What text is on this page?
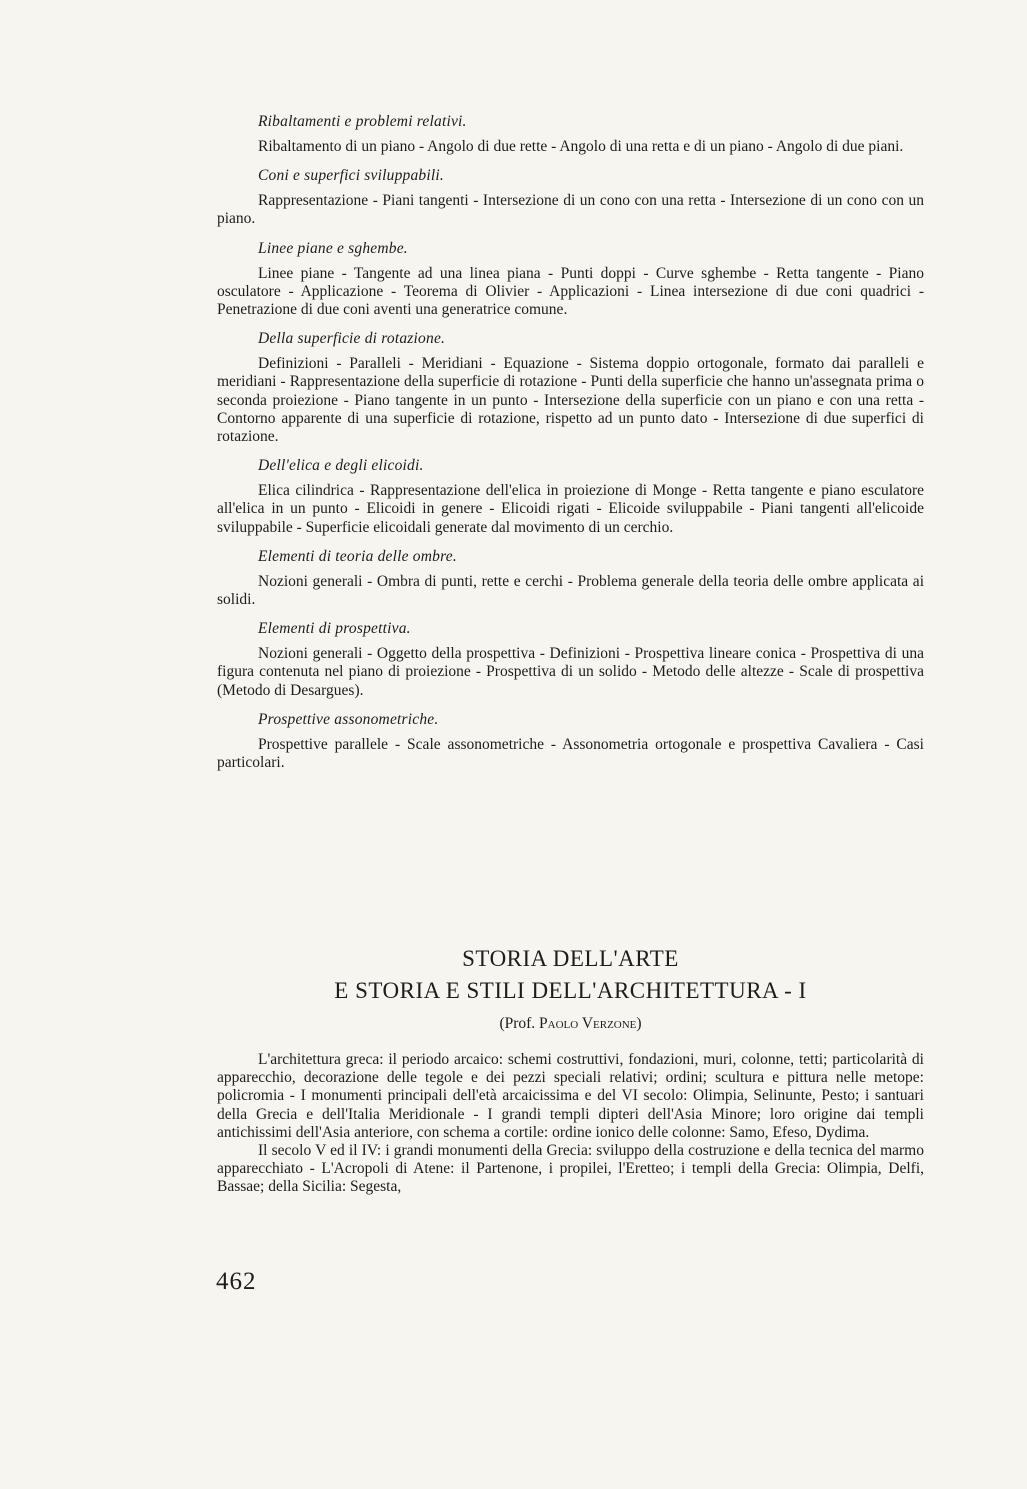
Ribaltamenti e problemi relativi.

Ribaltamento di un piano - Angolo di due rette - Angolo di una retta e di un piano - Angolo di due piani.

Coni e superfici sviluppabili.

Rappresentazione - Piani tangenti - Intersezione di un cono con una retta - Intersezione di un cono con un piano.

Linee piane e sghembe.

Linee piane - Tangente ad una linea piana - Punti doppi - Curve sghembe - Retta tangente - Piano osculatore - Applicazione - Teorema di Olivier - Applicazioni - Linea intersezione di due coni quadrici - Penetrazione di due coni aventi una generatrice comune.

Della superficie di rotazione.

Definizioni - Paralleli - Meridiani - Equazione - Sistema doppio ortogonale, formato dai paralleli e meridiani - Rappresentazione della superficie di rotazione - Punti della superficie che hanno un'assegnata prima o seconda proiezione - Piano tangente in un punto - Intersezione della superficie con un piano e con una retta - Contorno apparente di una superficie di rotazione, rispetto ad un punto dato - Intersezione di due superfici di rotazione.

Dell'elica e degli elicoidi.

Elica cilindrica - Rappresentazione dell'elica in proiezione di Monge - Retta tangente e piano esculatore all'elica in un punto - Elicoidi in genere - Elicoidi rigati - Elicoide sviluppabile - Piani tangenti all'elicoide sviluppabile - Superficie elicoidali generate dal movimento di un cerchio.

Elementi di teoria delle ombre.

Nozioni generali - Ombra di punti, rette e cerchi - Problema generale della teoria delle ombre applicata ai solidi.

Elementi di prospettiva.

Nozioni generali - Oggetto della prospettiva - Definizioni - Prospettiva lineare conica - Prospettiva di una figura contenuta nel piano di proiezione - Prospettiva di un solido - Metodo delle altezze - Scale di prospettiva (Metodo di Desargues).

Prospettive assonometriche.

Prospettive parallele - Scale assonometriche - Assonometria ortogonale e prospettiva Cavaliera - Casi particolari.

STORIA DELL'ARTE
E STORIA E STILI DELL'ARCHITETTURA - I
(Prof. Paolo Verzone)

L'architettura greca: il periodo arcaico: schemi costruttivi, fondazioni, muri, colonne, tetti; particolarità di apparecchio, decorazione delle tegole e dei pezzi speciali relativi; ordini; scultura e pittura nelle metope: policromia - I monumenti principali dell'età arcaicissima e del VI secolo: Olimpia, Selinunte, Pesto; i santuari della Grecia e dell'Italia Meridionale - I grandi templi dipteri dell'Asia Minore; loro origine dai templi antichissimi dell'Asia anteriore, con schema a cortile: ordine ionico delle colonne: Samo, Efeso, Dydima.

Il secolo V ed il IV: i grandi monumenti della Grecia: sviluppo della costruzione e della tecnica del marmo apparecchiato - L'Acropoli di Atene: il Partenone, i propilei, l'Eretteo; i templi della Grecia: Olimpia, Delfi, Bassae; della Sicilia: Segesta,

462
